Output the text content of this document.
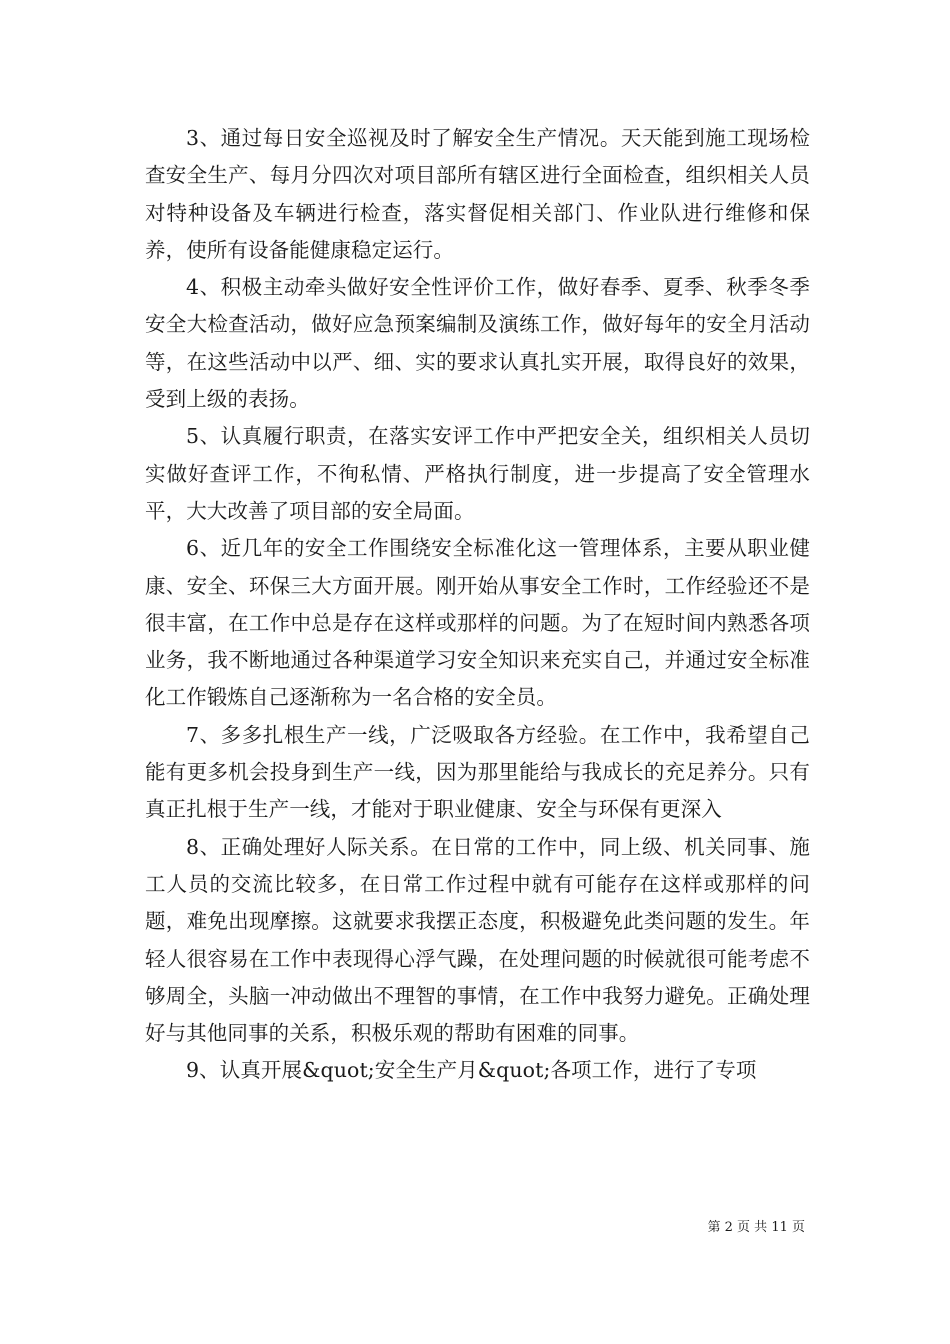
3、通过每日安全巡视及时了解安全生产情况。天天能到施工现场检查安全生产、每月分四次对项目部所有辖区进行全面检查，组织相关人员对特种设备及车辆进行检查，落实督促相关部门、作业队进行维修和保养，使所有设备能健康稳定运行。

4、积极主动牵头做好安全性评价工作，做好春季、夏季、秋季冬季安全大检查活动，做好应急预案编制及演练工作，做好每年的安全月活动等，在这些活动中以严、细、实的要求认真扎实开展，取得良好的效果，受到上级的表扬。

5、认真履行职责，在落实安评工作中严把安全关，组织相关人员切实做好查评工作，不徇私情、严格执行制度，进一步提高了安全管理水平，大大改善了项目部的安全局面。

6、近几年的安全工作围绕安全标准化这一管理体系，主要从职业健康、安全、环保三大方面开展。刚开始从事安全工作时，工作经验还不是很丰富，在工作中总是存在这样或那样的问题。为了在短时间内熟悉各项业务，我不断地通过各种渠道学习安全知识来充实自己，并通过安全标准化工作锻炼自己逐渐称为一名合格的安全员。

7、多多扎根生产一线，广泛吸取各方经验。在工作中，我希望自己能有更多机会投身到生产一线，因为那里能给与我成长的充足养分。只有真正扎根于生产一线，才能对于职业健康、安全与环保有更深入

8、正确处理好人际关系。在日常的工作中，同上级、机关同事、施工人员的交流比较多，在日常工作过程中就有可能存在这样或那样的问题，难免出现摩擦。这就要求我摆正态度，积极避免此类问题的发生。年轻人很容易在工作中表现得心浮气躁，在处理问题的时候就很可能考虑不够周全，头脑一冲动做出不理智的事情，在工作中我努力避免。正确处理好与其他同事的关系，积极乐观的帮助有困难的同事。

9、认真开展&quot;安全生产月&quot;各项工作，进行了专项

第 2 页 共 11 页
